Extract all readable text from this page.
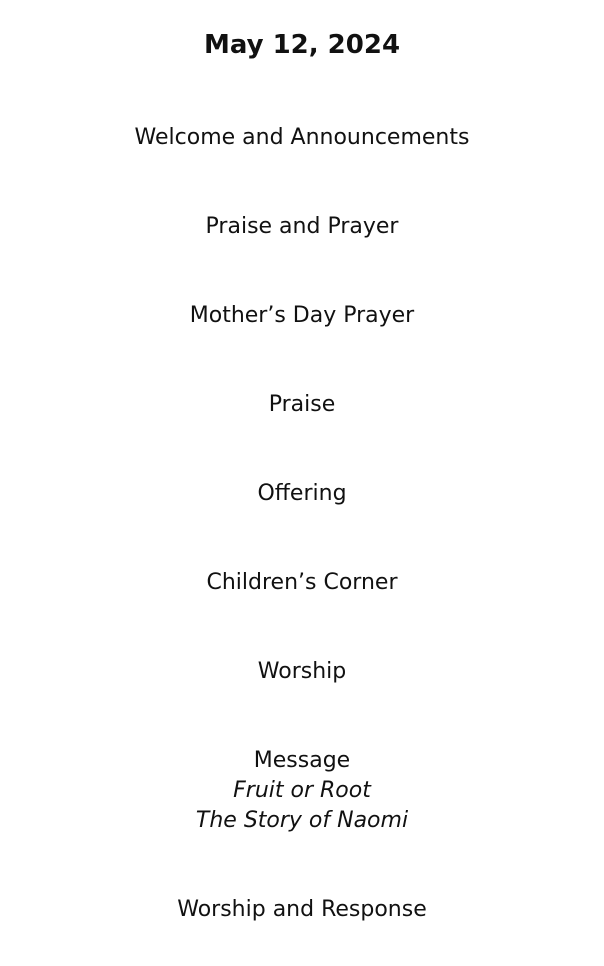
May 12, 2024
Welcome and Announcements
Praise and Prayer
Mother’s Day Prayer
Praise
Offering
Children’s Corner
Worship
Message
Fruit or Root
The Story of Naomi
Worship and Response
